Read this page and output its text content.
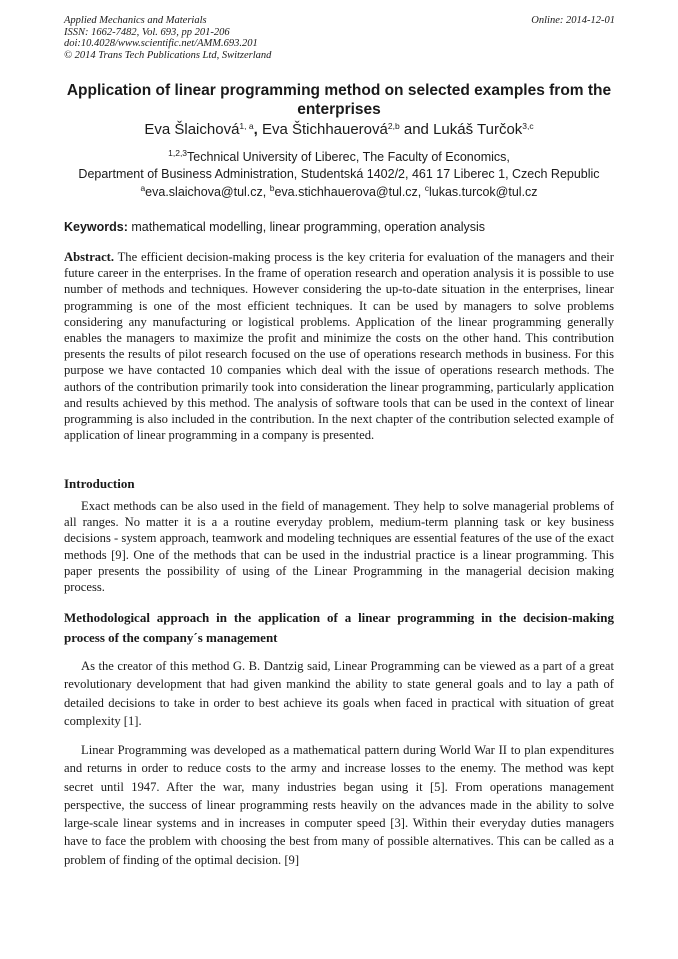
Applied Mechanics and Materials
ISSN: 1662-7482, Vol. 693, pp 201-206
doi:10.4028/www.scientific.net/AMM.693.201
© 2014 Trans Tech Publications Ltd, Switzerland
Online: 2014-12-01
Application of linear programming method on selected examples from the enterprises
Eva Šlaichová$^{1, a}$, Eva Štichhauerová$^{2,b}$ and Lukáš Turčok$^{3,c}$
$^{1,2,3}$Technical University of Liberec, The Faculty of Economics,
Department of Business Administration, Studentská 1402/2, 461 17 Liberec 1, Czech Republic
$^a$eva.slaichova@tul.cz, $^b$eva.stichhauerova@tul.cz, $^c$lukas.turcok@tul.cz
Keywords: mathematical modelling, linear programming, operation analysis

Abstract. The efficient decision-making process is the key criteria for evaluation of the managers and their future career in the enterprises. In the frame of operation research and operation analysis it is possible to use number of methods and techniques. However considering the up-to-date situation in the enterprises, linear programming is one of the most efficient techniques. It can be used by managers to solve problems considering any manufacturing or logistical problems. Application of the linear programming generally enables the managers to maximize the profit and minimize the costs on the other hand. This contribution presents the results of pilot research focused on the use of operations research methods in business. For this purpose we have contacted 10 companies which deal with the issue of operations research methods. The authors of the contribution primarily took into consideration the linear programming, particularly application and results achieved by this method. The analysis of software tools that can be used in the context of linear programming is also included in the contribution. In the next chapter of the contribution selected example of application of linear programming in a company is presented.

Introduction

Exact methods can be also used in the field of management. They help to solve managerial problems of all ranges. No matter it is a a routine everyday problem, medium-term planning task or key business decisions - system approach, teamwork and modeling techniques are essential features of the use of the exact methods [9]. One of the methods that can be used in the industrial practice is a linear programming. This paper presents the possibility of using of the Linear Programming in the managerial decision making process.

Methodological approach in the application of a linear programming in the decision-making process of the company´s management

As the creator of this method G. B. Dantzig said, Linear Programming can be viewed as a part of a great revolutionary development that had given mankind the ability to state general goals and to lay a path of detailed decisions to take in order to best achieve its goals when faced in practical with situation of great complexity [1].

Linear Programming was developed as a mathematical pattern during World War II to plan expenditures and returns in order to reduce costs to the army and increase losses to the enemy. The method was kept secret until 1947. After the war, many industries began using it [5]. From operations management perspective, the success of linear programming rests heavily on the advances made in the ability to solve large-scale linear systems and in increases in computer speed [3]. Within their everyday duties managers have to face the problem with choosing the best from many of possible alternatives. This can be called as a problem of finding of the optimal decision. [9]
